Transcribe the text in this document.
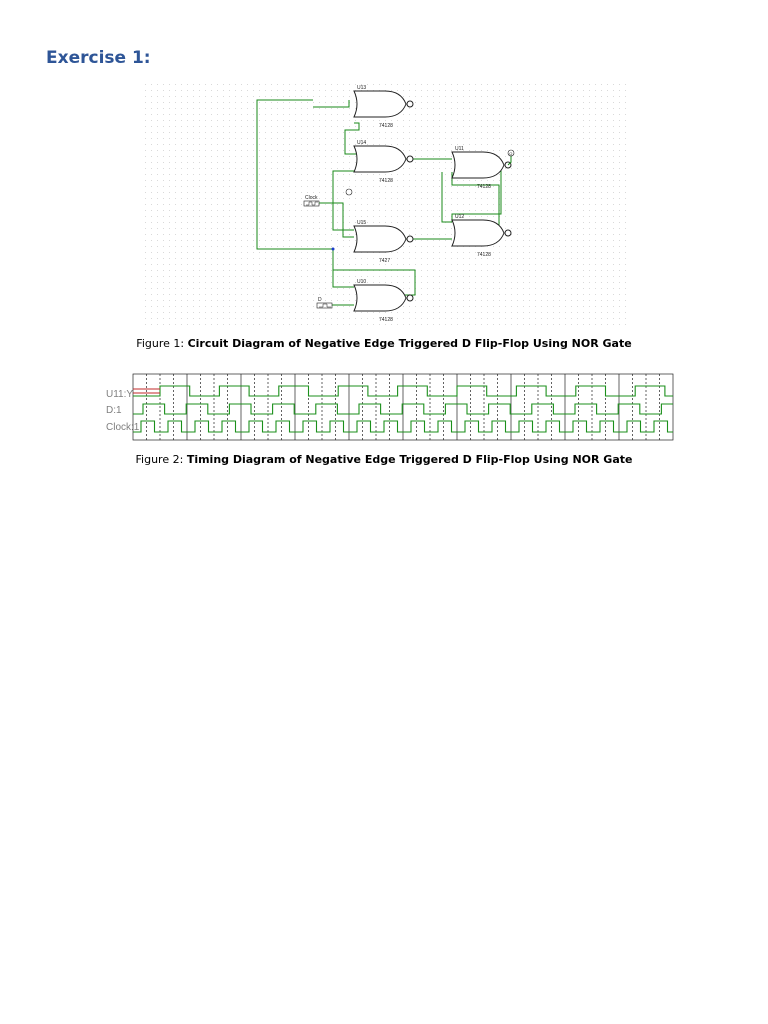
Exercise 1:
U13
74128
U14
74128
U15
7427
U10
74128
U11
74128
U12
74128
Clock
D
Q
Figure 1: Circuit Diagram of Negative Edge Triggered D Flip-Flop Using NOR Gate
U11:Y
D:1
Clock:1
Figure 2: Timing Diagram of Negative Edge Triggered D Flip-Flop Using NOR Gate
